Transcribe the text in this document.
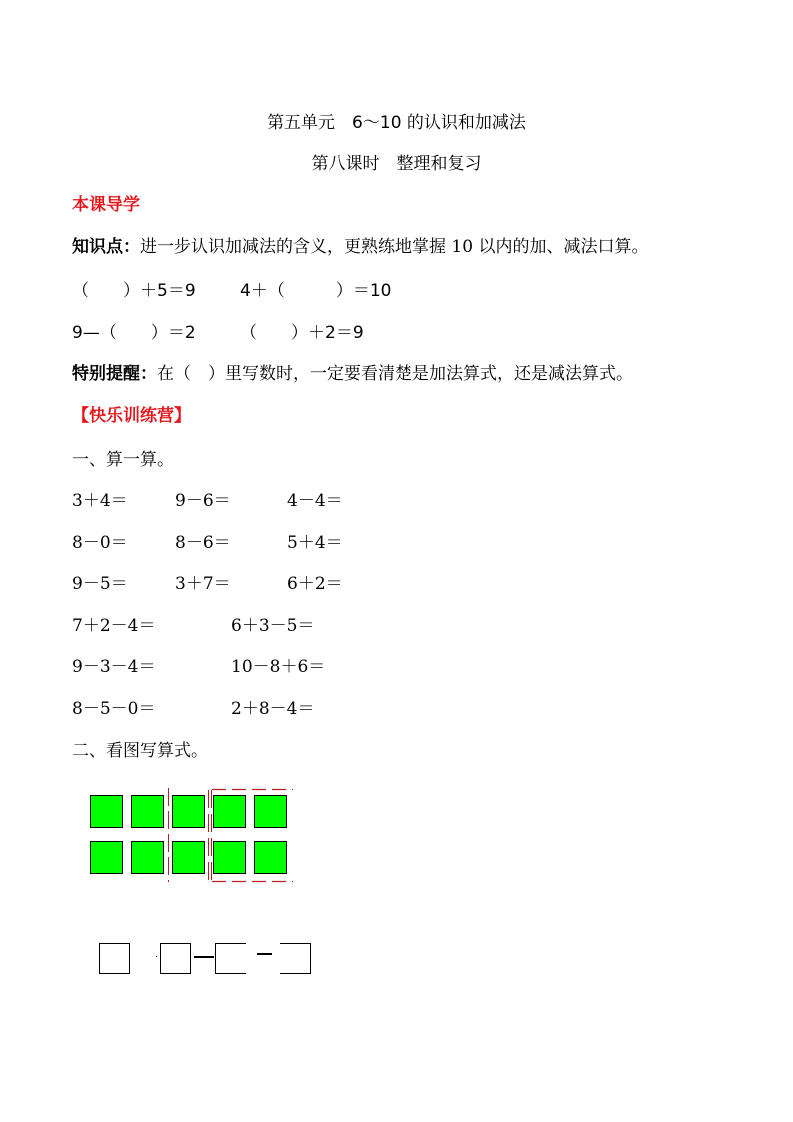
第五单元　6～10 的认识和加减法
第八课时　整理和复习
本课导学
知识点：进一步认识加减法的含义，更熟练地掌握 10 以内的加、减法口算。
（　　）＋5＝9	4＋（　　　）＝10
9—（　　）＝2	（　　）＋2＝9
特别提醒：在（　）里写数时，一定要看清楚是加法算式，还是减法算式。
【快乐训练营】
一、算一算。
3＋4＝	9－6＝	4－4＝
8－0＝	8－6＝	5＋4＝
9－5＝	3＋7＝	6＋2＝
7＋2－4＝	6＋3－5＝
9－3－4＝	10－8＋6＝
8－5－0＝	2＋8－4＝
二、看图写算式。
